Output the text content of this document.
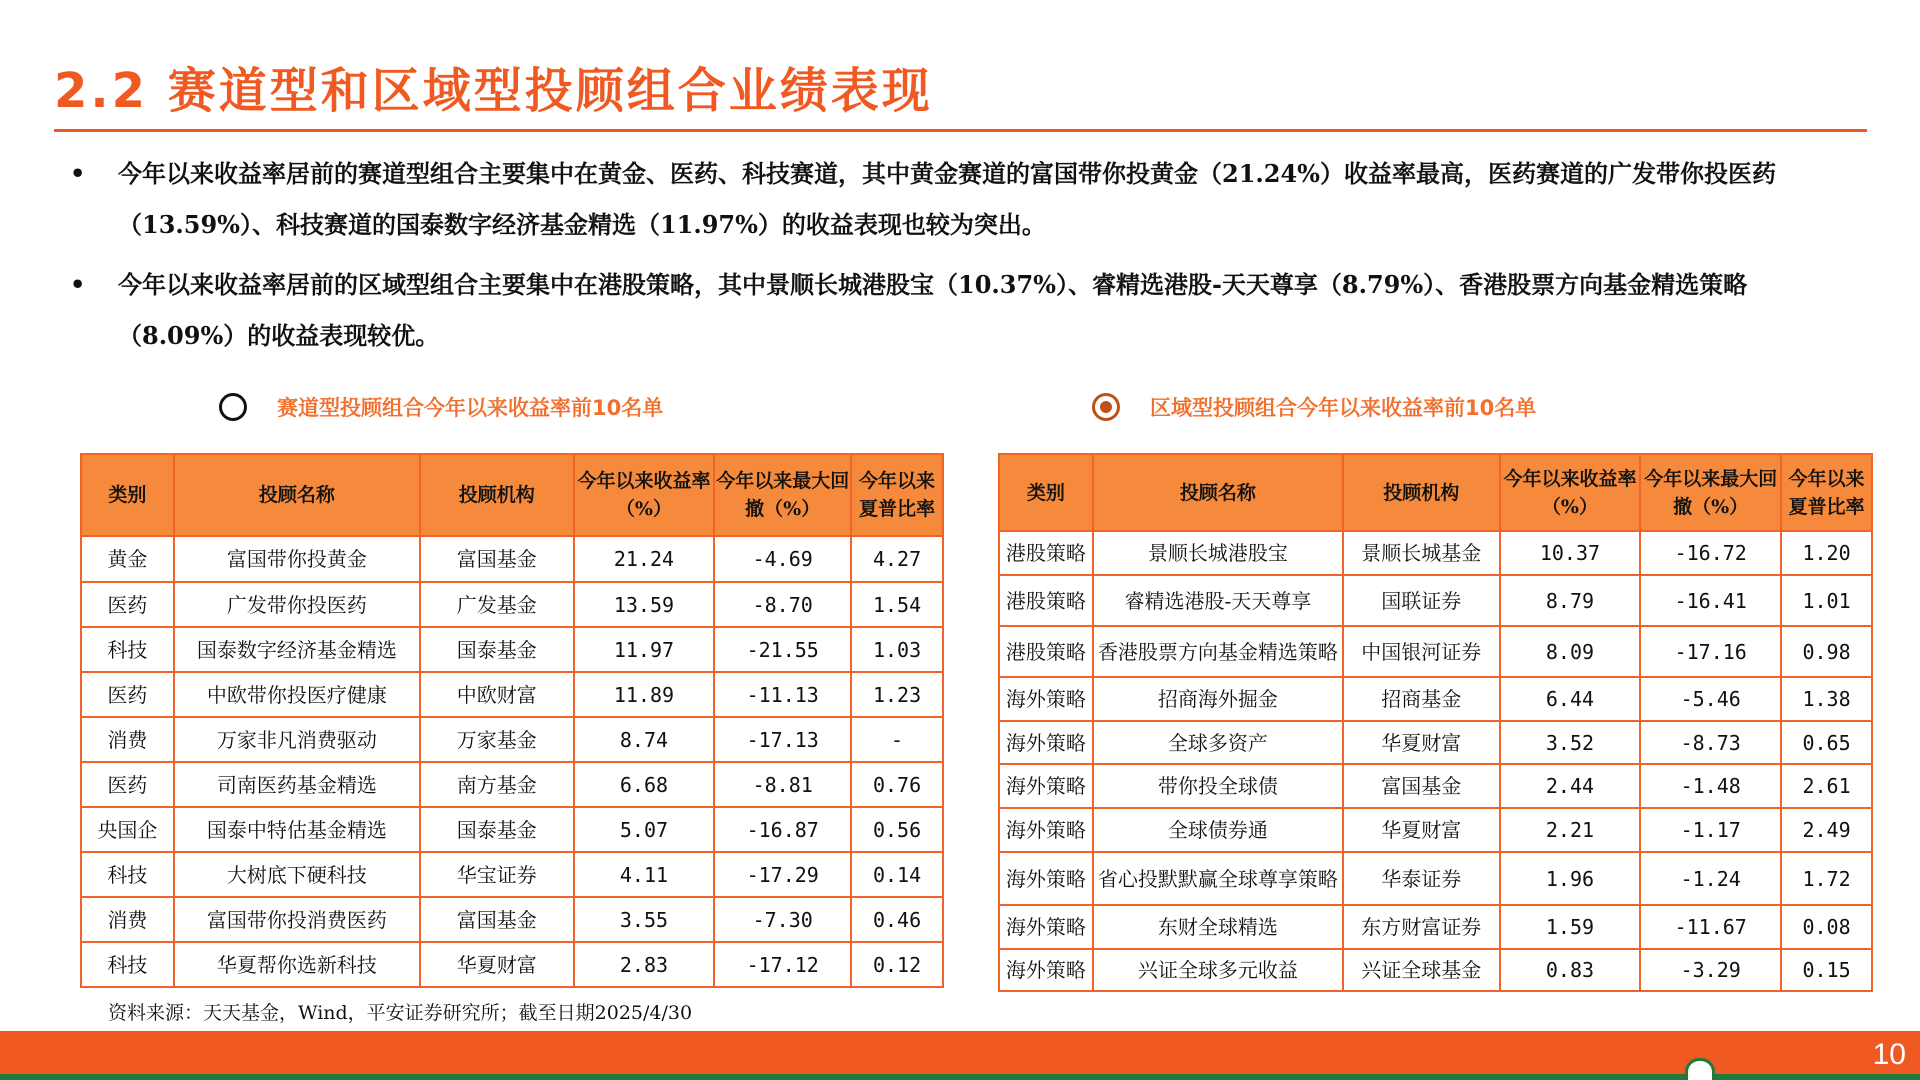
2.2 赛道型和区域型投顾组合业绩表现
• 今年以来收益率居前的赛道型组合主要集中在黄金、医药、科技赛道，其中黄金赛道的富国带你投黄金（21.24%）收益率最高，医药赛道的广发带你投医药（13.59%）、科技赛道的国泰数字经济基金精选（11.97%）的收益表现也较为突出。
• 今年以来收益率居前的区域型组合主要集中在港股策略，其中景顺长城港股宝（10.37%）、睿精选港股-天天尊享（8.79%）、香港股票方向基金精选策略（8.09%）的收益表现较优。
赛道型投顾组合今年以来收益率前10名单	区域型投顾组合今年以来收益率前10名单
类别	投顾名称	投顾机构	今年以来收益率（%）	今年以来最大回撤（%）	今年以来夏普比率
黄金	富国带你投黄金	富国基金	21.24	-4.69	4.27
医药	广发带你投医药	广发基金	13.59	-8.70	1.54
科技	国泰数字经济基金精选	国泰基金	11.97	-21.55	1.03
医药	中欧带你投医疗健康	中欧财富	11.89	-11.13	1.23
消费	万家非凡消费驱动	万家基金	8.74	-17.13	-
医药	司南医药基金精选	南方基金	6.68	-8.81	0.76
央国企	国泰中特估基金精选	国泰基金	5.07	-16.87	0.56
科技	大树底下硬科技	华宝证券	4.11	-17.29	0.14
消费	富国带你投消费医药	富国基金	3.55	-7.30	0.46
科技	华夏帮你选新科技	华夏财富	2.83	-17.12	0.12
类别	投顾名称	投顾机构	今年以来收益率（%）	今年以来最大回撤（%）	今年以来夏普比率
港股策略	景顺长城港股宝	景顺长城基金	10.37	-16.72	1.20
港股策略	睿精选港股-天天尊享	国联证券	8.79	-16.41	1.01
港股策略	香港股票方向基金精选策略	中国银河证券	8.09	-17.16	0.98
海外策略	招商海外掘金	招商基金	6.44	-5.46	1.38
海外策略	全球多资产	华夏财富	3.52	-8.73	0.65
海外策略	带你投全球债	富国基金	2.44	-1.48	2.61
海外策略	全球债券通	华夏财富	2.21	-1.17	2.49
海外策略	省心投默默赢全球尊享策略	华泰证券	1.96	-1.24	1.72
海外策略	东财全球精选	东方财富证券	1.59	-11.67	0.08
海外策略	兴证全球多元收益	兴证全球基金	0.83	-3.29	0.15
资料来源：天天基金，Wind，平安证券研究所；截至日期2025/4/30
10
